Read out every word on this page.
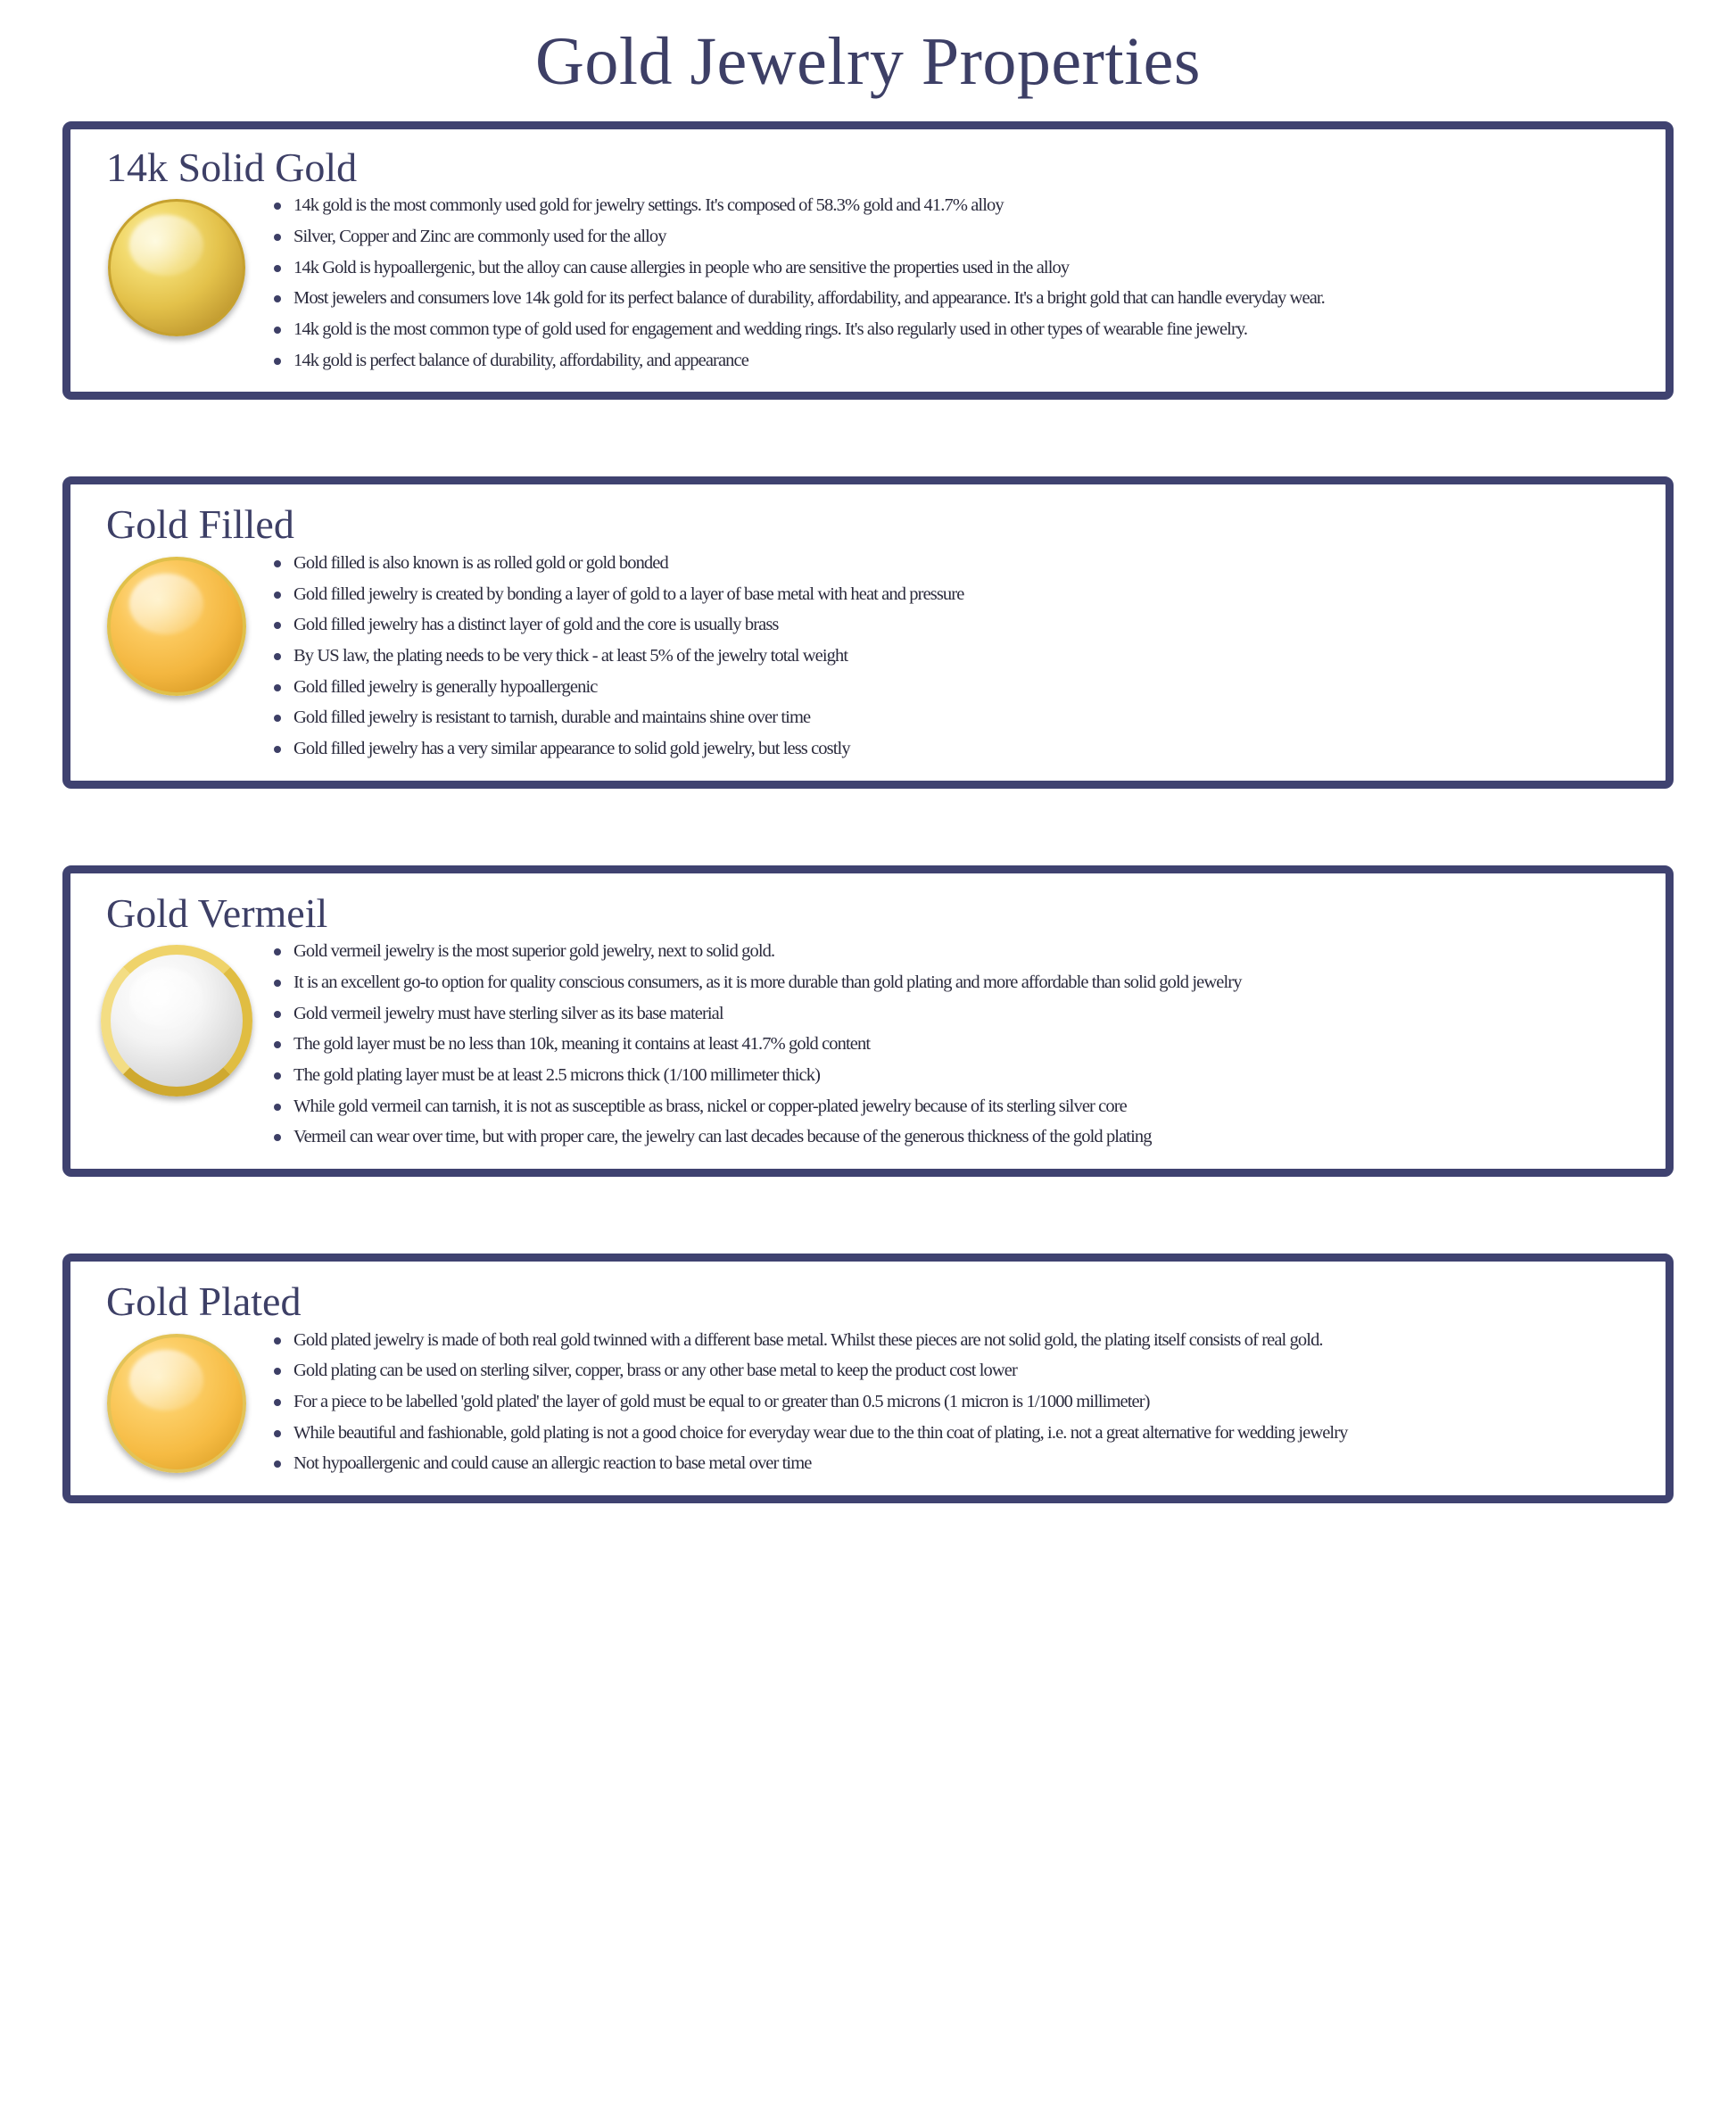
Gold Jewelry Properties
14k Solid Gold
14k gold is the most commonly used gold for jewelry settings. It's composed of 58.3% gold and 41.7% alloy
Silver, Copper and Zinc are commonly used for the alloy
14k Gold is hypoallergenic, but the alloy can cause allergies in people who are sensitive the properties used in the alloy
Most jewelers and consumers love 14k gold for its perfect balance of durability, affordability, and appearance. It's a bright gold that can handle everyday wear.
14k gold is the most common type of gold used for engagement and wedding rings. It's also regularly used in other types of wearable fine jewelry.
14k gold is perfect balance of durability, affordability, and appearance
Gold Filled
Gold filled is also known is as rolled gold or gold bonded
Gold filled jewelry is created by bonding a layer of gold to a layer of base metal with heat and pressure
Gold filled jewelry has a distinct layer of gold and the core is usually brass
By US law, the plating needs to be very thick - at least 5% of the jewelry total weight
Gold filled jewelry is generally hypoallergenic
Gold filled jewelry is resistant to tarnish, durable and maintains shine over time
Gold filled jewelry has a very similar appearance to solid gold jewelry, but less costly
Gold Vermeil
Gold vermeil jewelry is the most superior gold jewelry, next to solid gold.
It is an excellent go-to option for quality conscious consumers, as it is more durable than gold plating and more affordable than solid gold jewelry
Gold vermeil jewelry must have sterling silver as its base material
The gold layer must be no less than 10k, meaning it contains at least 41.7% gold content
The gold plating layer must be at least 2.5 microns thick (1/100 millimeter thick)
While gold vermeil can tarnish, it is not as susceptible as brass, nickel or copper-plated jewelry because of its sterling silver core
Vermeil can wear over time, but with proper care, the jewelry can last decades because of the generous thickness of the gold plating
Gold Plated
Gold plated jewelry is made of both real gold twinned with a different base metal. Whilst these pieces are not solid gold, the plating itself consists of real gold.
Gold plating can be used on sterling silver, copper, brass or any other base metal to keep the product cost lower
For a piece to be labelled 'gold plated' the layer of gold must be equal to or greater than 0.5 microns (1 micron is 1/1000 millimeter)
While beautiful and fashionable, gold plating is not a good choice for everyday wear due to the thin coat of plating, i.e. not a great alternative for wedding jewelry
Not hypoallergenic and could cause an allergic reaction to base metal over time
